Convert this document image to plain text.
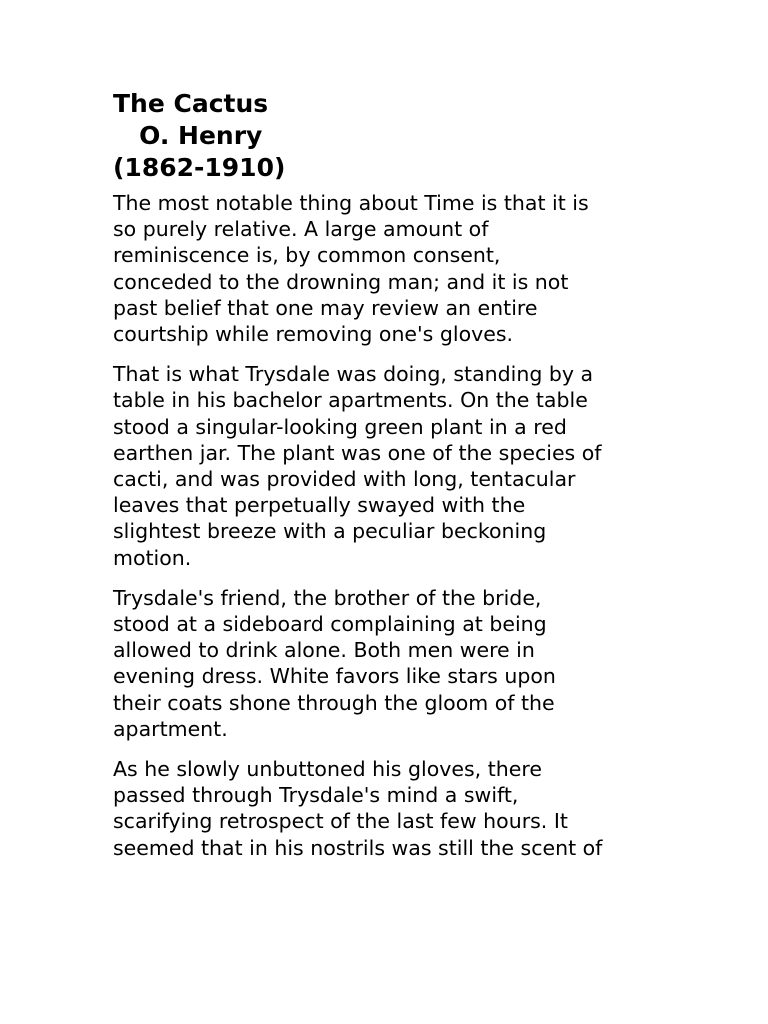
The Cactus
O. Henry
(1862-1910)

The most notable thing about Time is that it is
so purely relative. A large amount of
reminiscence is, by common consent,
conceded to the drowning man; and it is not
past belief that one may review an entire
courtship while removing one's gloves.

That is what Trysdale was doing, standing by a
table in his bachelor apartments. On the table
stood a singular-looking green plant in a red
earthen jar. The plant was one of the species of
cacti, and was provided with long, tentacular
leaves that perpetually swayed with the
slightest breeze with a peculiar beckoning
motion.

Trysdale's friend, the brother of the bride,
stood at a sideboard complaining at being
allowed to drink alone. Both men were in
evening dress. White favors like stars upon
their coats shone through the gloom of the
apartment.

As he slowly unbuttoned his gloves, there
passed through Trysdale's mind a swift,
scarifying retrospect of the last few hours. It
seemed that in his nostrils was still the scent of
